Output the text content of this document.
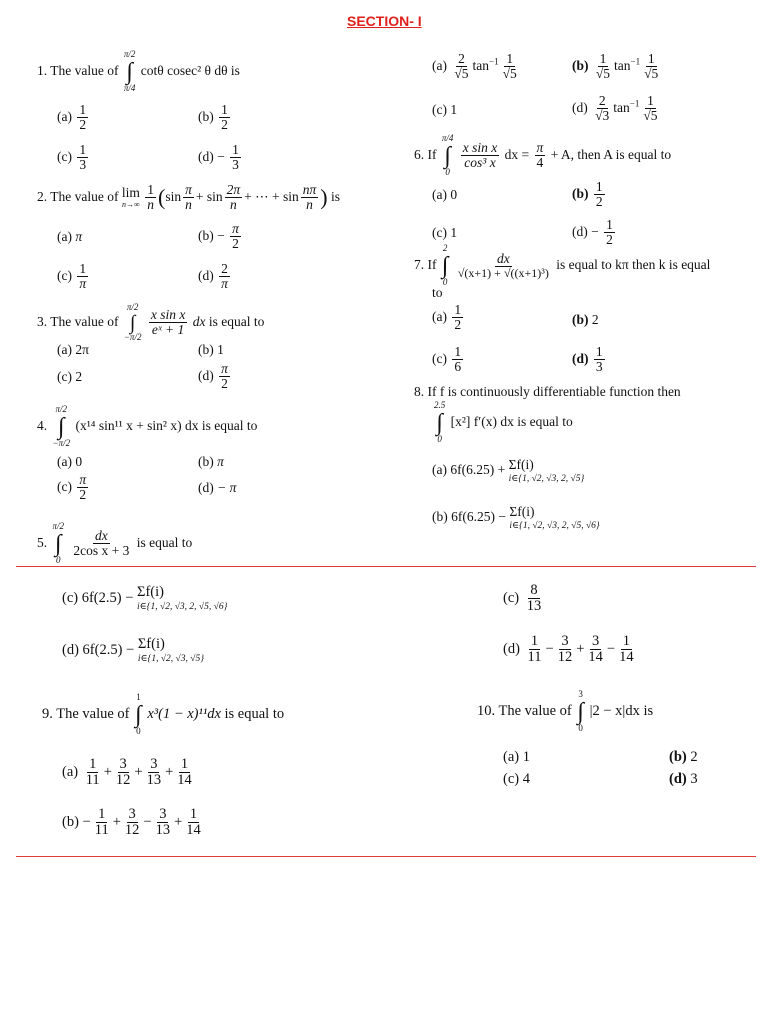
SECTION- I
1. The value of
π/2
∫
π/4
cotθ cosec² θ dθ is
$(a) \frac{1}{2}$	$(b) \frac{1}{2}$
$(c) \frac{1}{3}$	$(d) - \frac{1}{3}$
2. The value of lim
n→∞
$\frac{1}{n} (\sin \frac{\pi}{n} + \sin \frac{2\pi}{n}$ + ⋯ + $\sin \frac{n\pi}{n}$ ) is
(a) π	$(b) - \frac{\pi}{2}$
$(c) \frac{1}{\pi}$	$(d) \frac{2}{\pi}$
3. The value of
π/2
∫
−π/2
$\frac{\text{x sin x}}{\text{eˣ + 1}}$ dx is equal to
(a) 2π	(b) 1
(c) 2	$(d) \frac{\pi}{2}$
4.
π/2
∫
−π/2
(x¹⁴ sin¹¹ x + sin² x) dx is equal to
(a) 0	(b) π
$(c) \frac{\pi}{2}$	(d) − π
5.
π/2
∫
0

$\frac{dx}{\text{2cos x + 3}}$ is equal to
$(a) \frac{2}{√5} \tan^{-1} \frac{1}{√5}$	$(b) \frac{1}{√5} \tan^{-1} \frac{1}{√5}$
(c) 1	$(d) \frac{2}{√3} \tan^{-1} \frac{1}{√5}$
6. If
π/4
∫
0

$\frac{\text{x sin x}}{\text{cos³ x}}$ dx = $\frac{\pi}{4} + A$, then A is equal to
(a) 0	$(b) \frac{1}{2}$
(c) 1	$(d) - \frac{1}{2}$
7. If
2
∫
0

$\frac{dx}{\text{√(x+1) + √((x+1)³)}}$ is equal to kπ then k is equal
to
$(a) \frac{1}{2}$	(b) 2
$(c) \frac{1}{6}$	$(d) \frac{1}{3}$
8. If f is continuously differentiable function then
2.5
∫
0
[x²] f′(x) dx is equal to
(a) 6f(6.25) + Σf(i)
i∈{1, √2, √3, 2, √5}
(b) 6f(6.25) − Σf(i)
i∈{1, √2, √3, 2, √5, √6}
(c) 6f(2.5) − Σf(i)
i∈{1, √2, √3, 2, √5, √6}
(d) 6f(2.5) − Σf(i)
i∈{1, √2, √3, √5}
9. The value of
1
∫
0
x³(1 − x)¹¹dx is equal to
$(a) \frac{1}{11} + \frac{3}{12} + \frac{3}{13} + \frac{1}{14}$
$(b) - \frac{1}{11} + \frac{3}{12} - \frac{3}{13} + \frac{1}{14}$
$(c) \frac{8}{13}$
$(d) \frac{1}{11} - \frac{3}{12} + \frac{3}{14} - \frac{1}{14}$
10. The value of
3
∫
0
|2 − x|dx is
(a) 1	(b) 2
(c) 4	(d) 3
